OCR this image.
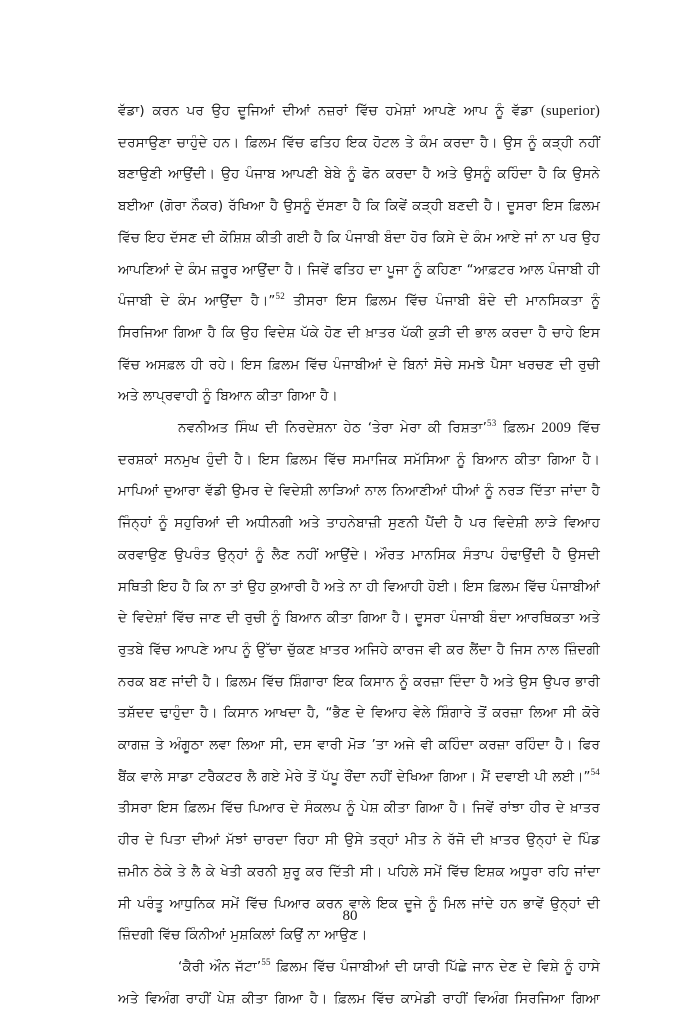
ਵੱਡਾ) ਕਰਨ ਪਰ ਉਹ ਦੂਜਿਆਂ ਦੀਆਂ ਨਜ਼ਰਾਂ ਵਿੱਚ ਹਮੇਸ਼ਾਂ ਆਪਣੇ ਆਪ ਨੂੰ ਵੱਡਾ (superior) ਦਰਸਾਉਣਾ ਚਾਹੁੰਦੇ ਹਨ। ਫ਼ਿਲਮ ਵਿੱਚ ਫਤਿਹ ਇਕ ਹੋਟਲ ਤੇ ਕੰਮ ਕਰਦਾ ਹੈ। ਉਸ ਨੂੰ ਕੜ੍ਹੀ ਨਹੀਂ ਬਣਾਉਣੀ ਆਉਂਦੀ। ਉਹ ਪੰਜਾਬ ਆਪਣੀ ਬੇਬੇ ਨੂੰ ਫੋਨ ਕਰਦਾ ਹੈ ਅਤੇ ਉਸਨੂੰ ਕਹਿੰਦਾ ਹੈ ਕਿ ਉਸਨੇ ਬਈਆ (ਗੋਰਾ ਨੌਕਰ) ਰੱਖਿਆ ਹੈ ਉਸਨੂੰ ਦੱਸਣਾ ਹੈ ਕਿ ਕਿਵੇਂ ਕੜ੍ਹੀ ਬਣਦੀ ਹੈ। ਦੂਸਰਾ ਇਸ ਫ਼ਿਲਮ ਵਿੱਚ ਇਹ ਦੱਸਣ ਦੀ ਕੋਸ਼ਿਸ਼ ਕੀਤੀ ਗਈ ਹੈ ਕਿ ਪੰਜਾਬੀ ਬੰਦਾ ਹੋਰ ਕਿਸੇ ਦੇ ਕੰਮ ਆਏ ਜਾਂ ਨਾ ਪਰ ਉਹ ਆਪਣਿਆਂ ਦੇ ਕੰਮ ਜ਼ਰੂਰ ਆਉਂਦਾ ਹੈ। ਜਿਵੇਂ ਫਤਿਹ ਦਾ ਪੂਜਾ ਨੂੰ ਕਹਿਣਾ “ਆਫ਼ਟਰ ਆਲ ਪੰਜਾਬੀ ਹੀ ਪੰਜਾਬੀ ਦੇ ਕੰਮ ਆਉਂਦਾ ਹੈ।”$^{52}$ ਤੀਸਰਾ ਇਸ ਫ਼ਿਲਮ ਵਿੱਚ ਪੰਜਾਬੀ ਬੰਦੇ ਦੀ ਮਾਨਸਿਕਤਾ ਨੂੰ ਸਿਰਜਿਆ ਗਿਆ ਹੈ ਕਿ ਉਹ ਵਿਦੇਸ਼ ਪੱਕੇ ਹੋਣ ਦੀ ਖ਼ਾਤਰ ਪੱਕੀ ਕੁੜੀ ਦੀ ਭਾਲ ਕਰਦਾ ਹੈ ਚਾਹੇ ਇਸ ਵਿੱਚ ਅਸਫ਼ਲ ਹੀ ਰਹੇ। ਇਸ ਫ਼ਿਲਮ ਵਿੱਚ ਪੰਜਾਬੀਆਂ ਦੇ ਬਿਨਾਂ ਸੋਚੇ ਸਮਝੇ ਪੈਸਾ ਖਰਚਣ ਦੀ ਰੁਚੀ ਅਤੇ ਲਾਪ੍ਰਵਾਹੀ ਨੂੰ ਬਿਆਨ ਕੀਤਾ ਗਿਆ ਹੈ।

ਨਵਨੀਅਤ ਸਿੰਘ ਦੀ ਨਿਰਦੇਸ਼ਨਾ ਹੇਠ ‘ਤੇਰਾ ਮੇਰਾ ਕੀ ਰਿਸ਼ਤਾ’$^{53}$ ਫ਼ਿਲਮ 2009 ਵਿੱਚ ਦਰਸ਼ਕਾਂ ਸਨਮੁਖ ਹੁੰਦੀ ਹੈ। ਇਸ ਫ਼ਿਲਮ ਵਿੱਚ ਸਮਾਜਿਕ ਸਮੱਸਿਆ ਨੂੰ ਬਿਆਨ ਕੀਤਾ ਗਿਆ ਹੈ। ਮਾਪਿਆਂ ਦੁਆਰਾ ਵੱਡੀ ਉਮਰ ਦੇ ਵਿਦੇਸ਼ੀ ਲਾੜਿਆਂ ਨਾਲ ਨਿਆਣੀਆਂ ਧੀਆਂ ਨੂੰ ਨਰੜ ਦਿੱਤਾ ਜਾਂਦਾ ਹੈ ਜਿੰਨ੍ਹਾਂ ਨੂੰ ਸਹੁਰਿਆਂ ਦੀ ਅਧੀਨਗੀ ਅਤੇ ਤਾਹਨੇਬਾਜ਼ੀ ਸੁਣਨੀ ਪੈਂਦੀ ਹੈ ਪਰ ਵਿਦੇਸ਼ੀ ਲਾੜੇ ਵਿਆਹ ਕਰਵਾਉਣ ਉਪਰੰਤ ਉਨ੍ਹਾਂ ਨੂੰ ਲੈਣ ਨਹੀਂ ਆਉਂਦੇ। ਔਰਤ ਮਾਨਸਿਕ ਸੰਤਾਪ ਹੰਢਾਉਂਦੀ ਹੈ ਉਸਦੀ ਸਥਿਤੀ ਇਹ ਹੈ ਕਿ ਨਾ ਤਾਂ ਉਹ ਕੁਆਰੀ ਹੈ ਅਤੇ ਨਾ ਹੀ ਵਿਆਹੀ ਹੋਈ। ਇਸ ਫ਼ਿਲਮ ਵਿੱਚ ਪੰਜਾਬੀਆਂ ਦੇ ਵਿਦੇਸ਼ਾਂ ਵਿੱਚ ਜਾਣ ਦੀ ਰੁਚੀ ਨੂੰ ਬਿਆਨ ਕੀਤਾ ਗਿਆ ਹੈ। ਦੂਸਰਾ ਪੰਜਾਬੀ ਬੰਦਾ ਆਰਥਿਕਤਾ ਅਤੇ ਰੁਤਬੇ ਵਿੱਚ ਆਪਣੇ ਆਪ ਨੂੰ ਉੱਚਾ ਚੁੱਕਣ ਖ਼ਾਤਰ ਅਜਿਹੇ ਕਾਰਜ ਵੀ ਕਰ ਲੈਂਦਾ ਹੈ ਜਿਸ ਨਾਲ ਜ਼ਿੰਦਗੀ ਨਰਕ ਬਣ ਜਾਂਦੀ ਹੈ। ਫ਼ਿਲਮ ਵਿੱਚ ਸ਼ਿੰਗਾਰਾ ਇਕ ਕਿਸਾਨ ਨੂੰ ਕਰਜ਼ਾ ਦਿੰਦਾ ਹੈ ਅਤੇ ਉਸ ਉਪਰ ਭਾਰੀ ਤਸ਼ੱਦਦ ਢਾਹੁੰਦਾ ਹੈ। ਕਿਸਾਨ ਆਖਦਾ ਹੈ, “ਭੈਣ ਦੇ ਵਿਆਹ ਵੇਲੇ ਸ਼ਿੰਗਾਰੇ ਤੋਂ ਕਰਜ਼ਾ ਲਿਆ ਸੀ ਕੋਰੇ ਕਾਗਜ਼ ਤੇ ਅੰਗੂਠਾ ਲਵਾ ਲਿਆ ਸੀ, ਦਸ ਵਾਰੀ ਮੋੜ ’ਤਾ ਅਜੇ ਵੀ ਕਹਿੰਦਾ ਕਰਜ਼ਾ ਰਹਿੰਦਾ ਹੈ। ਫਿਰ ਬੈਂਕ ਵਾਲੇ ਸਾਡਾ ਟਰੈਕਟਰ ਲੈ ਗਏ ਮੇਰੇ ਤੋਂ ਪੱਪੂ ਰੌਂਦਾ ਨਹੀਂ ਦੇਖਿਆ ਗਿਆ। ਮੈਂ ਦਵਾਈ ਪੀ ਲਈ।”$^{54}$ ਤੀਸਰਾ ਇਸ ਫ਼ਿਲਮ ਵਿੱਚ ਪਿਆਰ ਦੇ ਸੰਕਲਪ ਨੂੰ ਪੇਸ਼ ਕੀਤਾ ਗਿਆ ਹੈ। ਜਿਵੇਂ ਰਾਂਝਾ ਹੀਰ ਦੇ ਖ਼ਾਤਰ ਹੀਰ ਦੇ ਪਿਤਾ ਦੀਆਂ ਮੱਝਾਂ ਚਾਰਦਾ ਰਿਹਾ ਸੀ ਉਸੇ ਤਰ੍ਹਾਂ ਮੀਤ ਨੇ ਰੱਜੋ ਦੀ ਖ਼ਾਤਰ ਉਨ੍ਹਾਂ ਦੇ ਪਿੰਡ ਜ਼ਮੀਨ ਠੇਕੇ ਤੇ ਲੈ ਕੇ ਖੇਤੀ ਕਰਨੀ ਸ਼ੁਰੂ ਕਰ ਦਿੱਤੀ ਸੀ। ਪਹਿਲੇ ਸਮੇਂ ਵਿੱਚ ਇਸ਼ਕ ਅਧੂਰਾ ਰਹਿ ਜਾਂਦਾ ਸੀ ਪਰੰਤੂ ਆਧੁਨਿਕ ਸਮੇਂ ਵਿੱਚ ਪਿਆਰ ਕਰਨ ਵਾਲੇ ਇਕ ਦੂਜੇ ਨੂੰ ਮਿਲ ਜਾਂਦੇ ਹਨ ਭਾਵੇਂ ਉਨ੍ਹਾਂ ਦੀ ਜ਼ਿੰਦਗੀ ਵਿੱਚ ਕਿੰਨੀਆਂ ਮੁਸ਼ਕਿਲਾਂ ਕਿਉਂ ਨਾ ਆਉਣ।

‘ਕੈਰੀ ਔਨ ਜੱਟਾ’$^{55}$ ਫ਼ਿਲਮ ਵਿੱਚ ਪੰਜਾਬੀਆਂ ਦੀ ਯਾਰੀ ਪਿੱਛੇ ਜਾਨ ਦੇਣ ਦੇ ਵਿਸ਼ੇ ਨੂੰ ਹਾਸੇ ਅਤੇ ਵਿਅੰਗ ਰਾਹੀਂ ਪੇਸ਼ ਕੀਤਾ ਗਿਆ ਹੈ। ਫ਼ਿਲਮ ਵਿੱਚ ਕਾਮੇਡੀ ਰਾਹੀਂ ਵਿਅੰਗ ਸਿਰਜਿਆ ਗਿਆ

80
